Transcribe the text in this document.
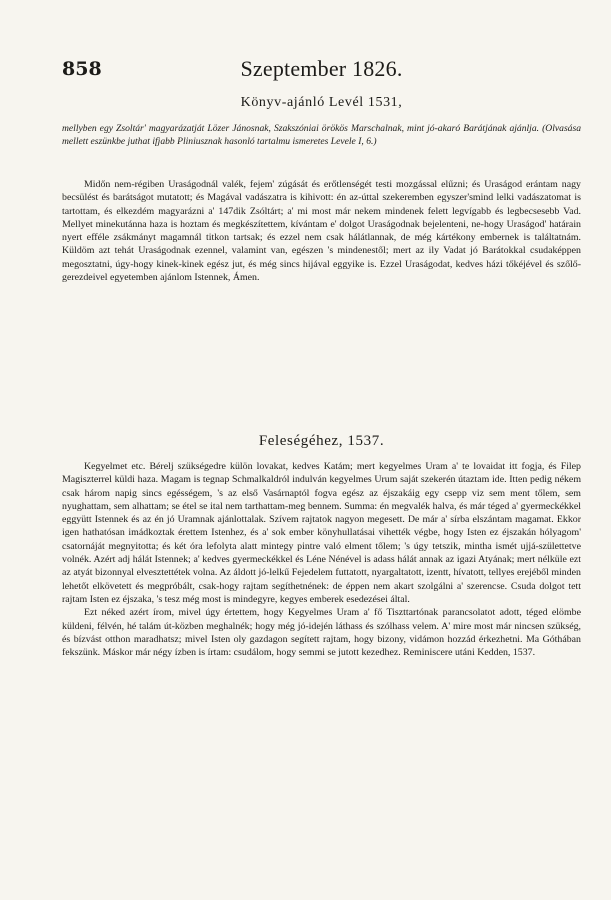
858	Szeptember 1826.
Könyv-ajánló Levél 1531,
mellyben egy Zsoltár' magyarázatját Lözer Jánosnak, Szakszóniai örökös Marschalnak, mint jó-akaró Barátjának ajánlja. (Olvasása mellett eszünkbe juthat ifjabb Pliniusznak hasonló tartalmu ismeretes Levele I, 6.)

Midőn nem-régiben Uraságodnál valék, fejem' zúgását és erőtlenségét testi mozgással elűzni; és Uraságod erántam nagy becsülést és barátságot mutatott; és Magával vadászatra is kihivott: én az-úttal szekeremben egyszer'smind lelki vadászatomat is tartottam, és elkezdém magyarázni a' 147dik Zsóltárt; a' mi most már nekem mindenek felett legvígabb és legbecsesebb Vad. Mellyet minekutánna haza is hoztam és megkészítettem, kívántam e' dolgot Uraságodnak bejelenteni, ne-hogy Uraságod' határain nyert efféle zsákmányt magamnál titkon tartsak; és ezzel nem csak hálátlannak, de még kártékony embernek is találtatnám. Küldöm azt tehát Uraságodnak ezennel, valamint van, egészen 's mindenestől; mert az ily Vadat jó Barátokkal csudaképpen megosztatni, úgy-hogy kinek-kinek egész jut, és még sincs hijával eggyike is. Ezzel Uraságodat, kedves házi tőkéjével és szőlő-gerezdeivel egyetemben ajánlom Istennek, Ámen.

Feleségéhez, 1537.

Kegyelmet etc. Bérelj szükségedre külön lovakat, kedves Katám; mert kegyelmes Uram a' te lovaidat itt fogja, és Filep Magiszterrel küldi haza. Magam is tegnap Schmalkaldról indulván kegyelmes Urum saját szekerén útaztam ide. Itten pedig nékem csak három napig sincs egésségem, 's az első Vasárnaptól fogva egész az éjszakáig egy csepp viz sem ment tőlem, sem nyughattam, sem alhattam; se étel se ital nem tarthattam-meg bennem. Summa: én megvalék halva, és már téged a' gyermeckékkel eggyütt Istennek és az én jó Uramnak ajánlottalak. Szívem rajtatok nagyon megesett. De már a' sírba elszántam magamat. Ekkor igen hathatósan imádkoztak érettem Istenhez, és a' sok ember könyhullatásai vihették végbe, hogy Isten ez éjszakán hólyagom' csatornáját megnyitotta; és két óra lefolyta alatt mintegy pintre való elment tőlem; 's úgy tetszik, mintha ismét ujjá-születtetve volnék. Azért adj hálát Istennek; a' kedves gyermeckékkel és Léne Nénével is adass hálát annak az igazi Atyának; mert nélküle ezt az atyát bizonnyal elvesztettétek volna. Az áldott jó-lelkű Fejedelem futtatott, nyargaltatott, izentt, hívatott, tellyes erejéből minden lehetőt elkövetett és megpróbált, csak-hogy rajtam segíthetnének: de éppen nem akart szolgálni a' szerencse. Csuda dolgot tett rajtam Isten ez éjszaka, 's tesz még most is mindegyre, kegyes emberek esedezései által.

Ezt néked azért írom, mivel úgy értettem, hogy Kegyelmes Uram a' fő Tiszttartónak parancsolatot adott, téged elömbe küldeni, félvén, hé talám út-közben meghalnék; hogy még jó-idején láthass és szólhass velem. A' mire most már nincsen szükség, és bízvást otthon maradhatsz; mivel Isten oly gazdagon segített rajtam, hogy bizony, vidámon hozzád érkezhetni. Ma Góthában fekszünk. Máskor már négy ízben is írtam: csudálom, hogy semmi se jutott kezedhez. Reminiscere utáni Kedden, 1537.
